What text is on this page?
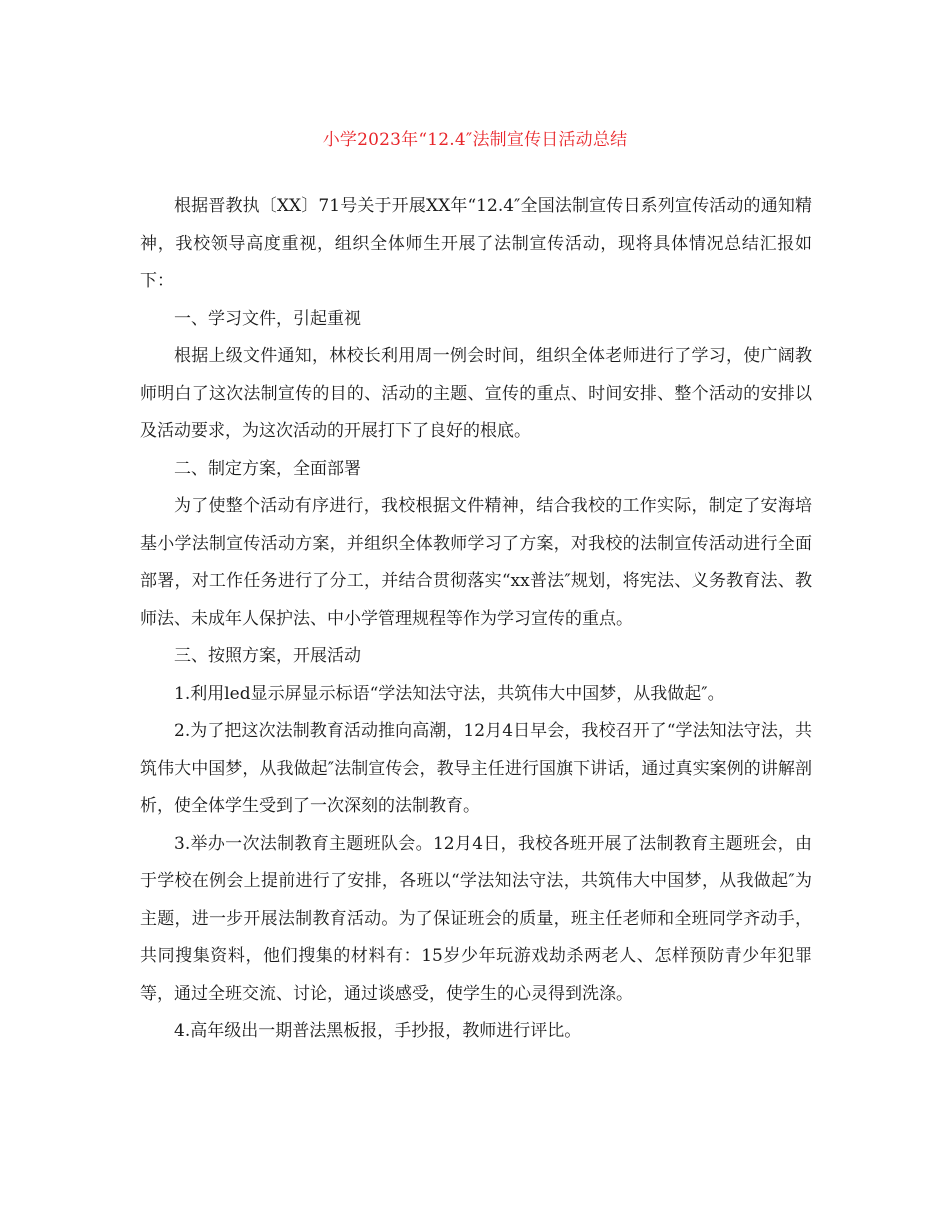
小学2023年“12.4″法制宣传日活动总结

根据晋教执〔XX〕71号关于开展XX年“12.4″全国法制宣传日系列宣传活动的通知精神，我校领导高度重视，组织全体师生开展了法制宣传活动，现将具体情况总结汇报如下：

一、学习文件，引起重视

根据上级文件通知，林校长利用周一例会时间，组织全体老师进行了学习，使广阔教师明白了这次法制宣传的目的、活动的主题、宣传的重点、时间安排、整个活动的安排以及活动要求，为这次活动的开展打下了良好的根底。

二、制定方案，全面部署

为了使整个活动有序进行，我校根据文件精神，结合我校的工作实际，制定了安海培基小学法制宣传活动方案，并组织全体教师学习了方案，对我校的法制宣传活动进行全面部署，对工作任务进行了分工，并结合贯彻落实“xx普法″规划，将宪法、义务教育法、教师法、未成年人保护法、中小学管理规程等作为学习宣传的重点。

三、按照方案，开展活动

1.利用led显示屏显示标语“学法知法守法，共筑伟大中国梦，从我做起″。

2.为了把这次法制教育活动推向高潮，12月4日早会，我校召开了“学法知法守法，共筑伟大中国梦，从我做起″法制宣传会，教导主任进行国旗下讲话，通过真实案例的讲解剖析，使全体学生受到了一次深刻的法制教育。

3.举办一次法制教育主题班队会。12月4日，我校各班开展了法制教育主题班会，由于学校在例会上提前进行了安排，各班以“学法知法守法，共筑伟大中国梦，从我做起″为主题，进一步开展法制教育活动。为了保证班会的质量，班主任老师和全班同学齐动手，共同搜集资料，他们搜集的材料有：15岁少年玩游戏劫杀两老人、怎样预防青少年犯罪等，通过全班交流、讨论，通过谈感受，使学生的心灵得到洗涤。

4.高年级出一期普法黑板报，手抄报，教师进行评比。
